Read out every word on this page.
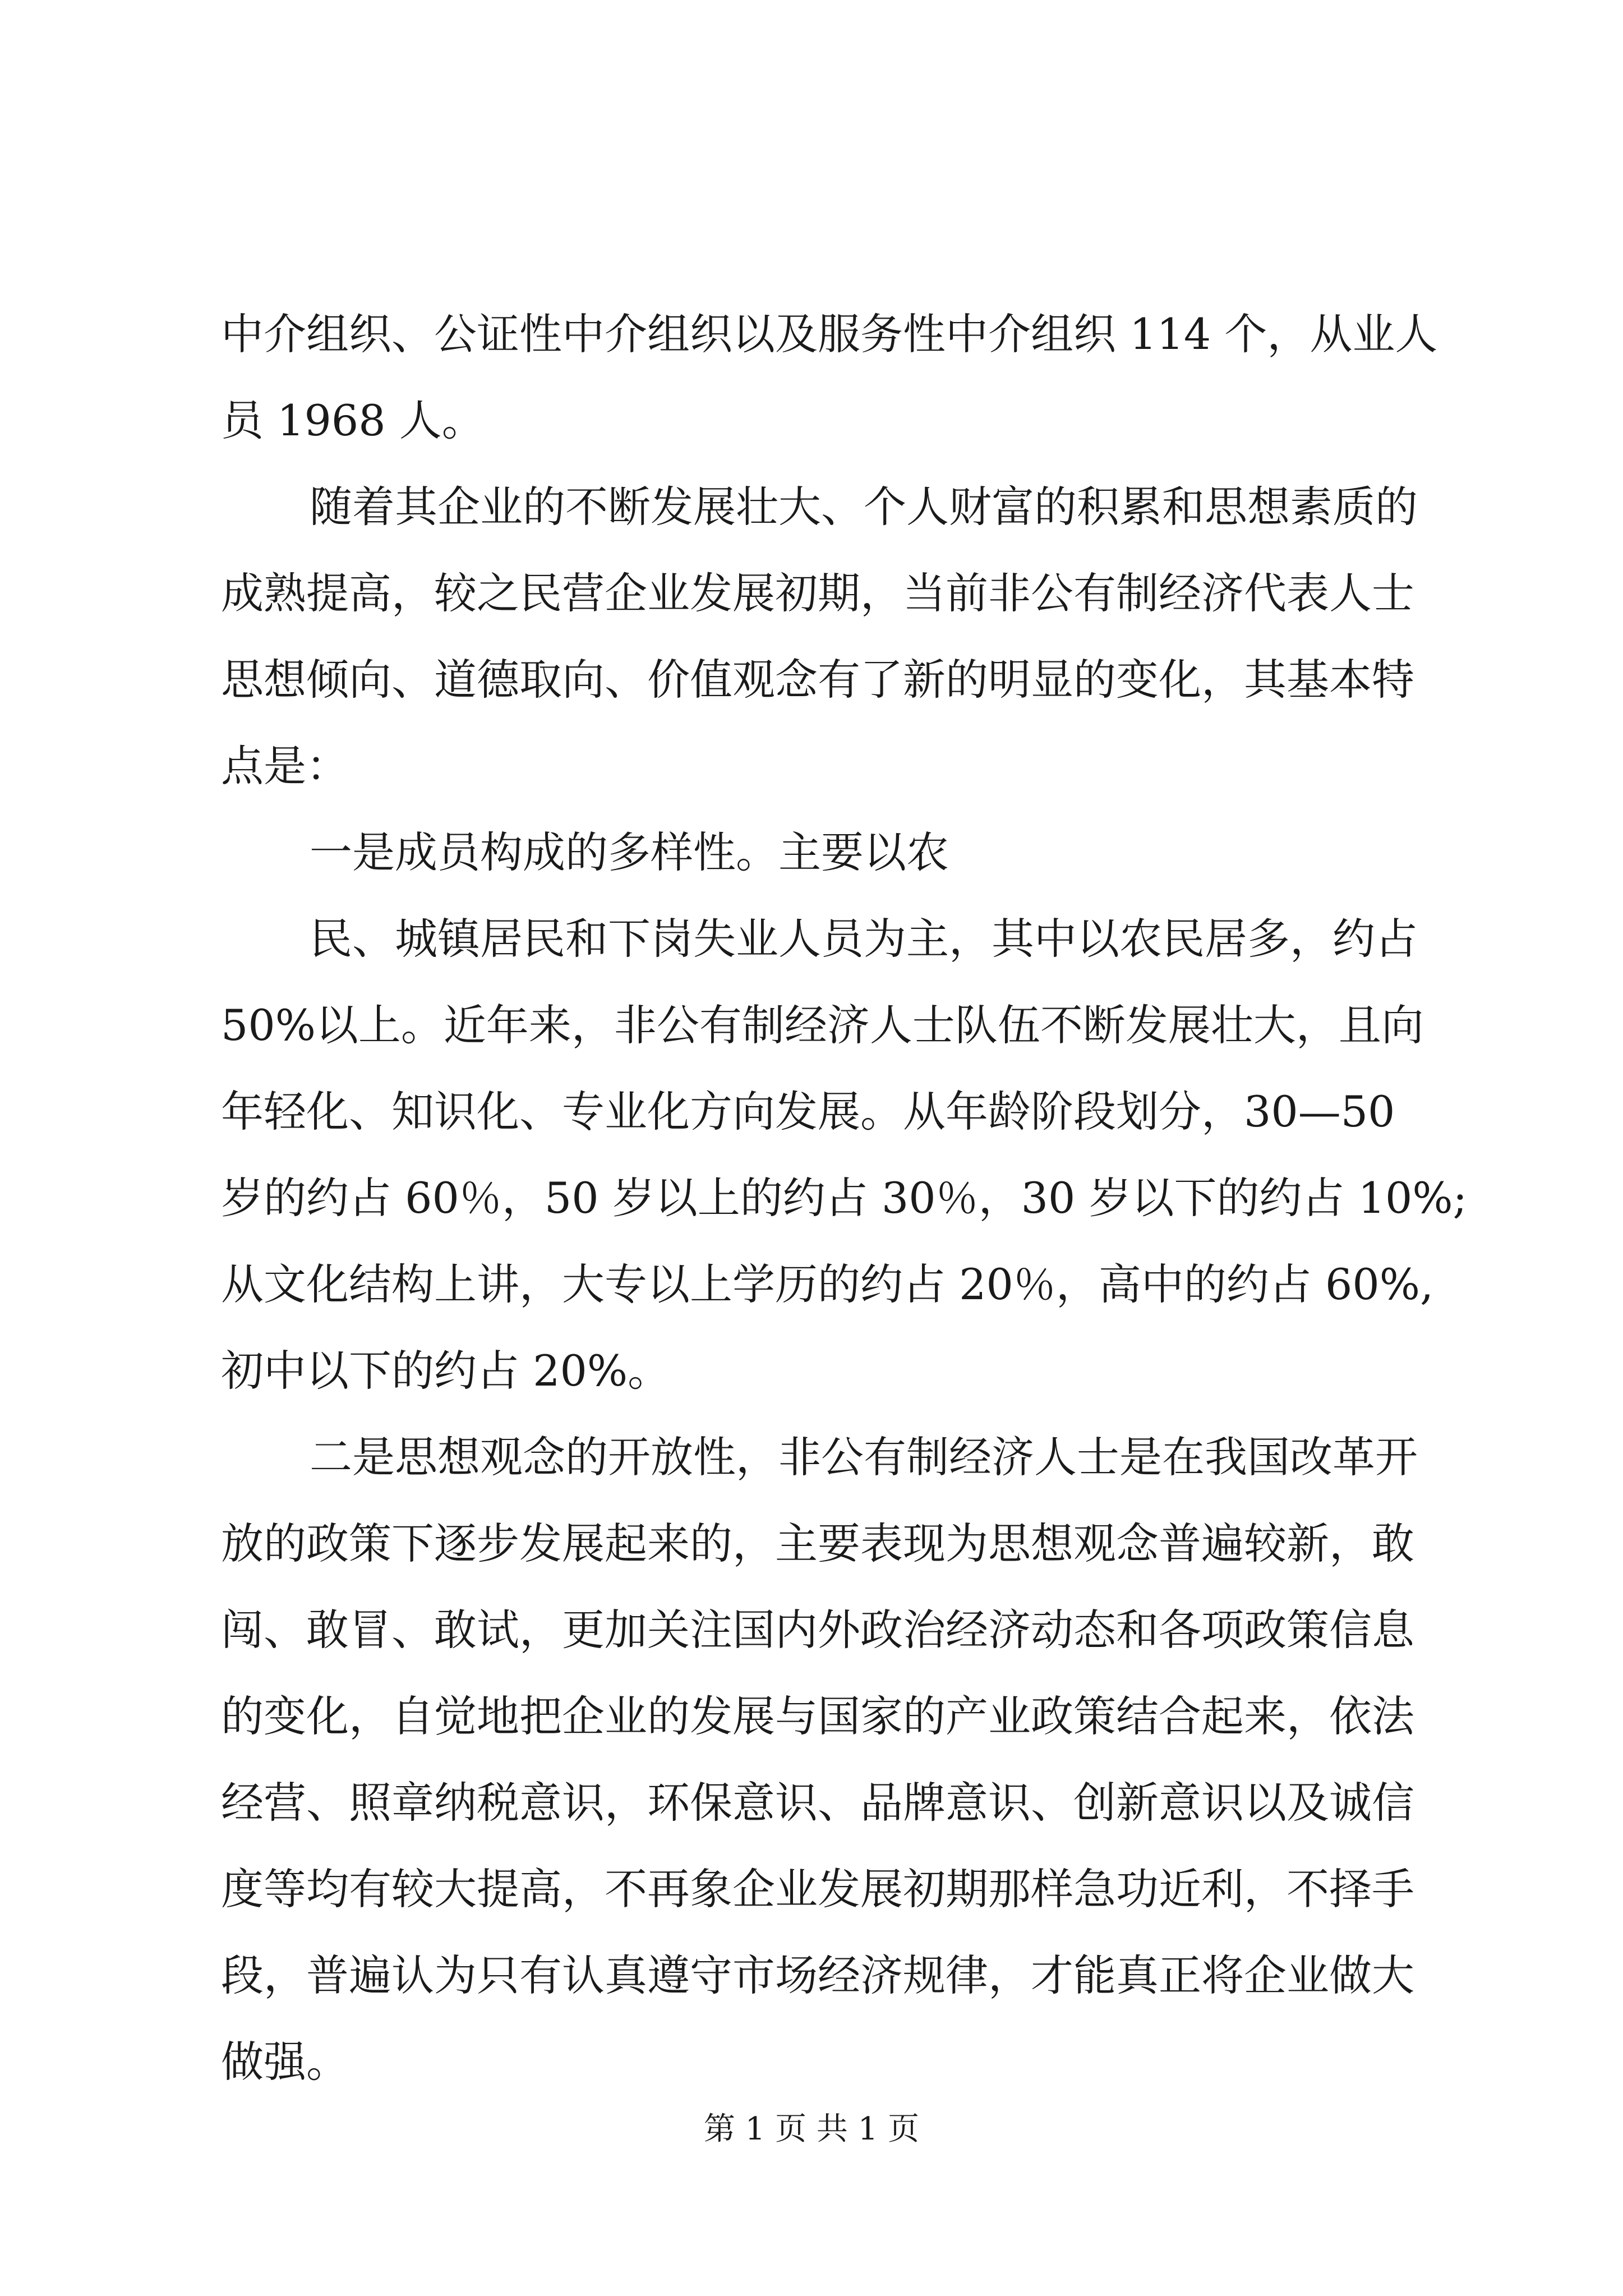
中介组织、公证性中介组织以及服务性中介组织 114 个，从业人
员 1968 人。
随着其企业的不断发展壮大、个人财富的积累和思想素质的
成熟提高，较之民营企业发展初期，当前非公有制经济代表人士
思想倾向、道德取向、价值观念有了新的明显的变化，其基本特
点是：
一是成员构成的多样性。主要以农
民、城镇居民和下岗失业人员为主，其中以农民居多，约占
50%以上。近年来，非公有制经济人士队伍不断发展壮大，且向
年轻化、知识化、专业化方向发展。从年龄阶段划分，30—50
岁的约占 60％，50 岁以上的约占 30％，30 岁以下的约占 10%;
从文化结构上讲，大专以上学历的约占 20％，高中的约占 60%,
初中以下的约占 20%。
二是思想观念的开放性，非公有制经济人士是在我国改革开
放的政策下逐步发展起来的，主要表现为思想观念普遍较新，敢
闯、敢冒、敢试，更加关注国内外政治经济动态和各项政策信息
的变化，自觉地把企业的发展与国家的产业政策结合起来，依法
经营、照章纳税意识，环保意识、品牌意识、创新意识以及诚信
度等均有较大提高，不再象企业发展初期那样急功近利，不择手
段，普遍认为只有认真遵守市场经济规律，才能真正将企业做大
做强。
第 1 页 共 1 页
